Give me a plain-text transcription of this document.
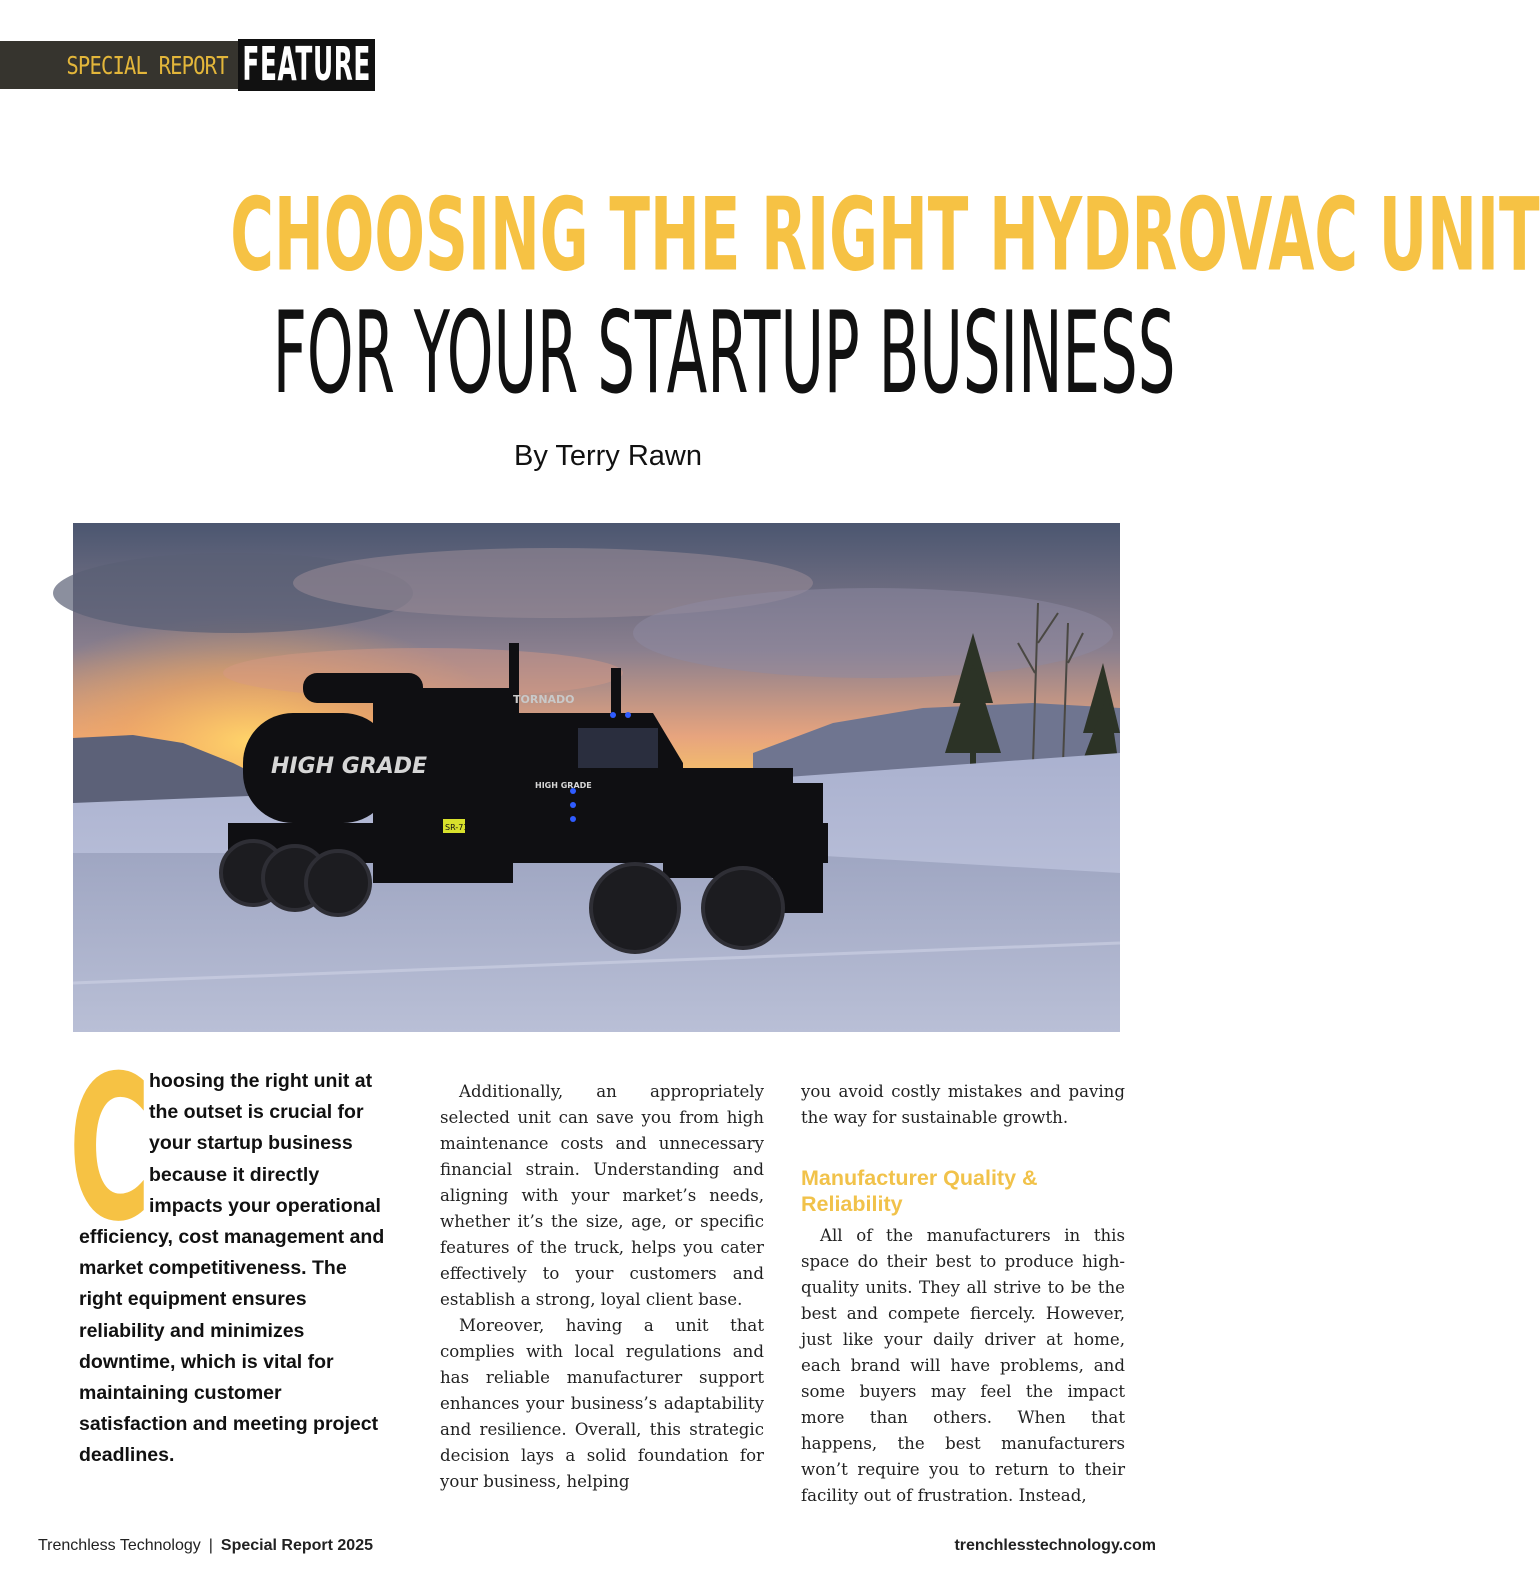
SPECIAL REPORT FEATURE
CHOOSING THE RIGHT HYDROVAC UNIT
FOR YOUR STARTUP BUSINESS
By Terry Rawn
HIGH GRADE
HIGH GRADE
TORNADO
SR-71
C

hoosing the right unit at the outset is crucial for your startup business because it directly impacts your operational efficiency, cost management and market competitiveness. The right equipment ensures reliability and minimizes downtime, which is vital for maintaining customer satisfaction and meeting project deadlines.

Additionally, an appropriately selected unit can save you from high maintenance costs and unnecessary financial strain. Understanding and aligning with your market’s needs, whether it’s the size, age, or specific features of the truck, helps you cater effectively to your customers and establish a strong, loyal client base.

Moreover, having a unit that complies with local regulations and has reliable manufacturer support enhances your business’s adaptability and resilience. Overall, this strategic decision lays a solid foundation for your business, helping

you avoid costly mistakes and paving the way for sustainable growth.

Manufacturer Quality & Reliability

All of the manufacturers in this space do their best to produce high-quality units. They all strive to be the best and compete fiercely. However, just like your daily driver at home, each brand will have problems, and some buyers may feel the impact more than others. When that happens, the best manufacturers won’t require you to return to their facility out of frustration. Instead,

Trenchless Technology | Special Report 2025	trenchlesstechnology.com
